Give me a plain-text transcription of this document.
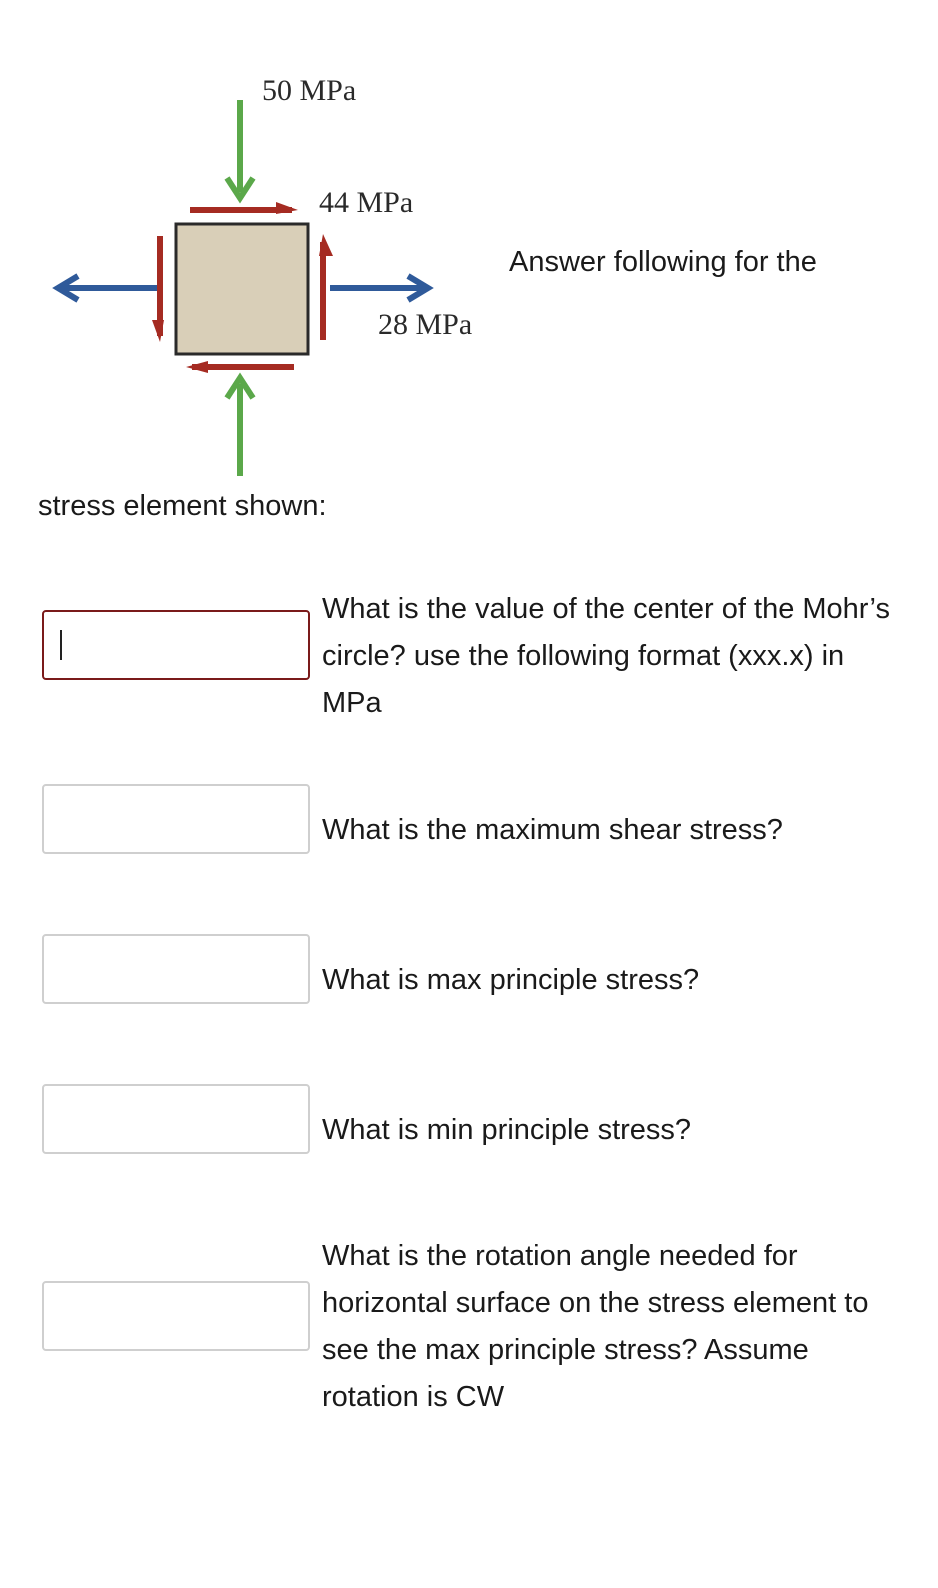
50 MPa
44 MPa
28 MPa
Answer following for the
stress element shown:
What is the value of the center of the Mohr’s circle? use the following format (xxx.x) in MPa
What is the maximum shear stress?
What is max principle stress?
What is min principle stress?
What is the rotation angle needed for horizontal surface on the stress element to see the max principle stress? Assume rotation is CW
